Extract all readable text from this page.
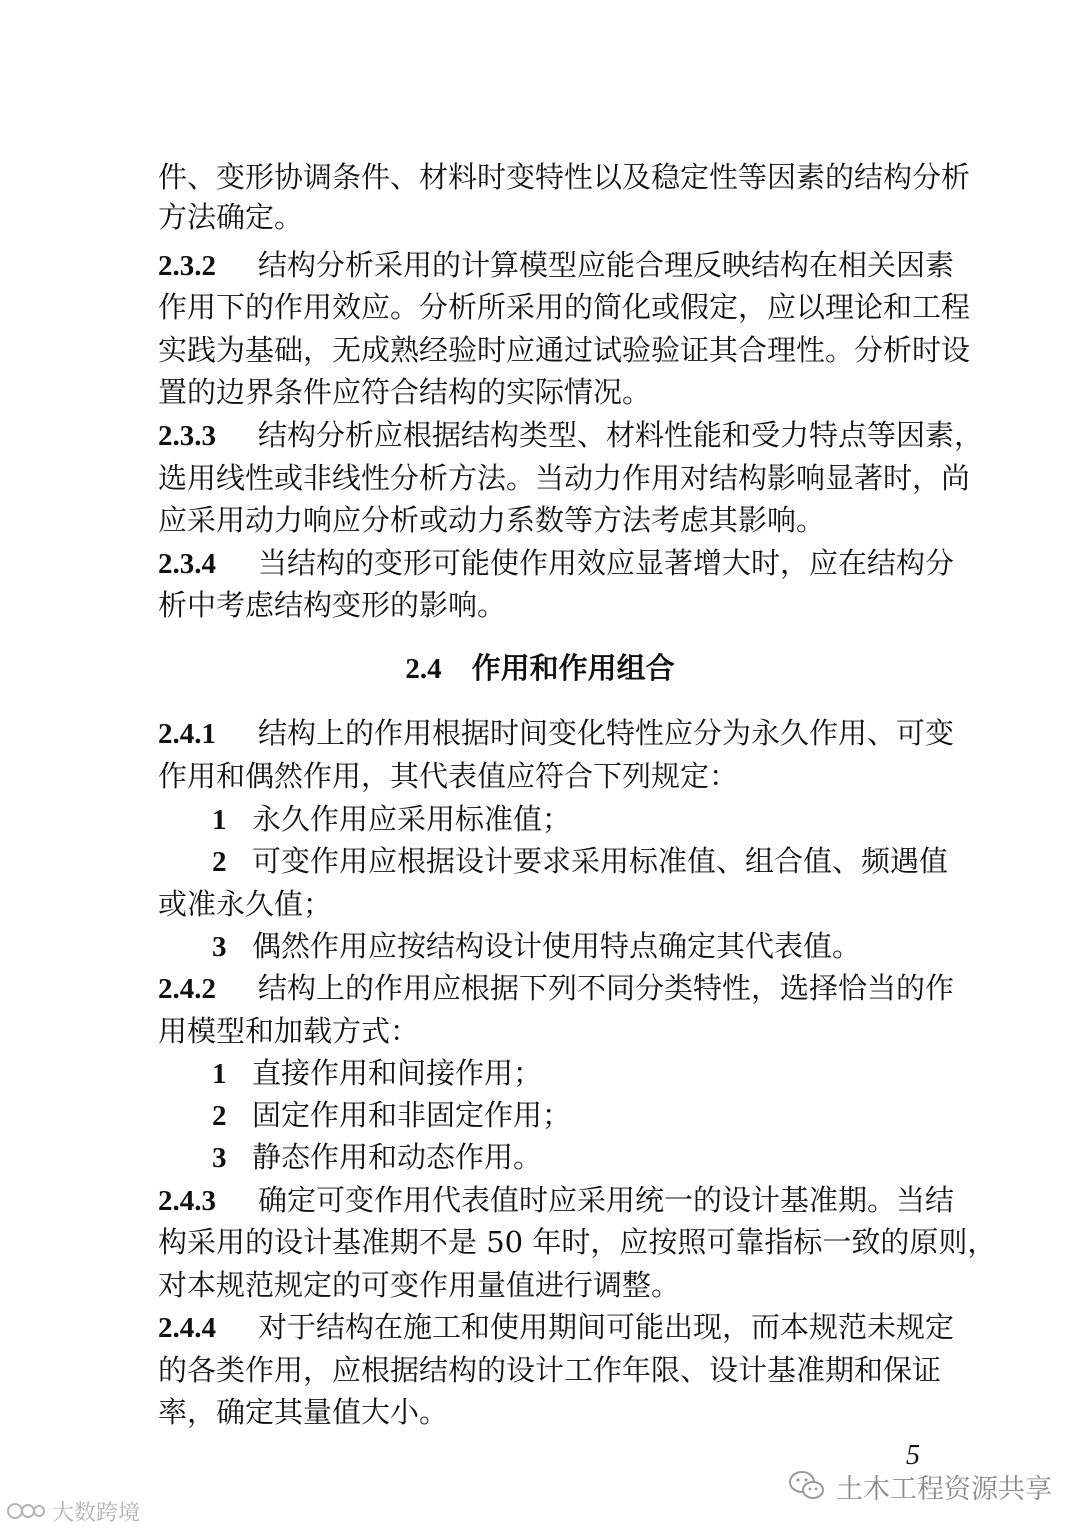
件、变形协调条件、材料时变特性以及稳定性等因素的结构分析
方法确定。
2.3.2 结构分析采用的计算模型应能合理反映结构在相关因素
作用下的作用效应。分析所采用的简化或假定，应以理论和工程
实践为基础，无成熟经验时应通过试验验证其合理性。分析时设
置的边界条件应符合结构的实际情况。
2.3.3 结构分析应根据结构类型、材料性能和受力特点等因素，
选用线性或非线性分析方法。当动力作用对结构影响显著时，尚
应采用动力响应分析或动力系数等方法考虑其影响。
2.3.4 当结构的变形可能使作用效应显著增大时，应在结构分
析中考虑结构变形的影响。
2.4 作用和作用组合
2.4.1 结构上的作用根据时间变化特性应分为永久作用、可变
作用和偶然作用，其代表值应符合下列规定：
1 永久作用应采用标准值；
2 可变作用应根据设计要求采用标准值、组合值、频遇值
或准永久值；
3 偶然作用应按结构设计使用特点确定其代表值。
2.4.2 结构上的作用应根据下列不同分类特性，选择恰当的作
用模型和加载方式：
1 直接作用和间接作用；
2 固定作用和非固定作用；
3 静态作用和动态作用。
2.4.3 确定可变作用代表值时应采用统一的设计基准期。当结
构采用的设计基准期不是 50 年时，应按照可靠指标一致的原则，
对本规范规定的可变作用量值进行调整。
2.4.4 对于结构在施工和使用期间可能出现，而本规范未规定
的各类作用，应根据结构的设计工作年限、设计基准期和保证
率，确定其量值大小。
5
土木工程资源共享
大数跨境
